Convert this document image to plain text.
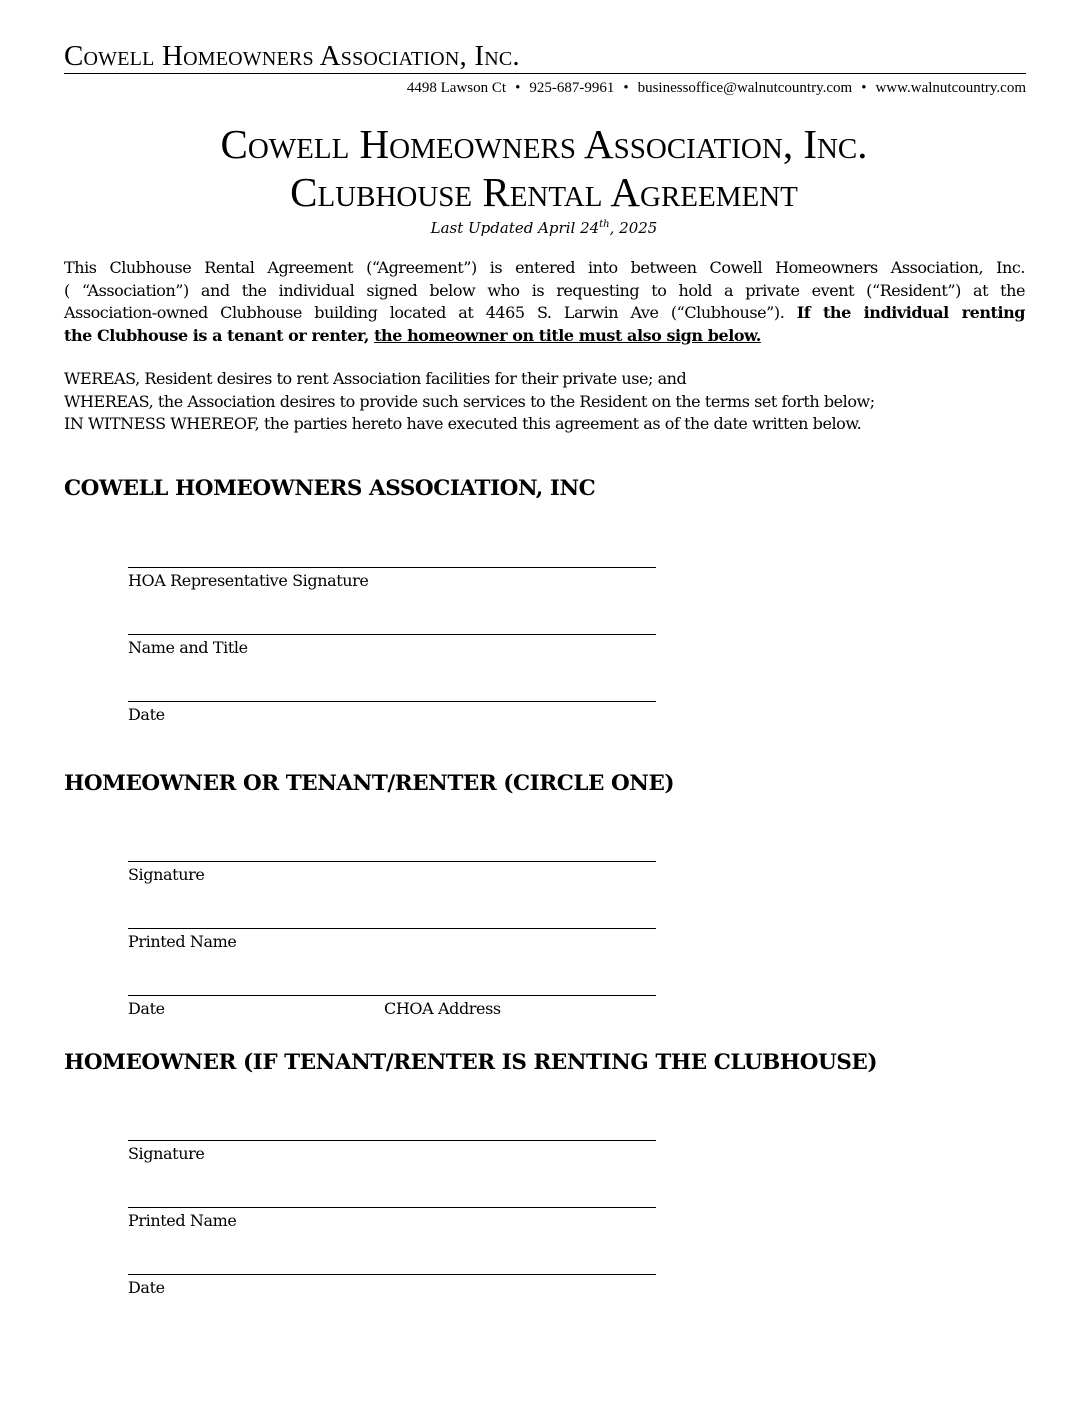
Cowell Homeowners Association, Inc.
4498 Lawson Ct • 925-687-9961 • businessoffice@walnutcountry.com • www.walnutcountry.com
Cowell Homeowners Association, Inc.
Clubhouse Rental Agreement
Last Updated April 24th, 2025
This Clubhouse Rental Agreement (“Agreement”) is entered into between Cowell Homeowners Association, Inc.
( “Association”) and the individual signed below who is requesting to hold a private event (“Resident”) at the
Association-owned Clubhouse building located at 4465 S. Larwin Ave (“Clubhouse”). If the individual renting
the Clubhouse is a tenant or renter, the homeowner on title must also sign below.
WEREAS, Resident desires to rent Association facilities for their private use; and
WHEREAS, the Association desires to provide such services to the Resident on the terms set forth below;
IN WITNESS WHEREOF, the parties hereto have executed this agreement as of the date written below.
COWELL HOMEOWNERS ASSOCIATION, INC
HOA Representative Signature
Name and Title
Date
HOMEOWNER OR TENANT/RENTER (CIRCLE ONE)
Signature
Printed Name
Date	CHOA Address
HOMEOWNER (IF TENANT/RENTER IS RENTING THE CLUBHOUSE)
Signature
Printed Name
Date
